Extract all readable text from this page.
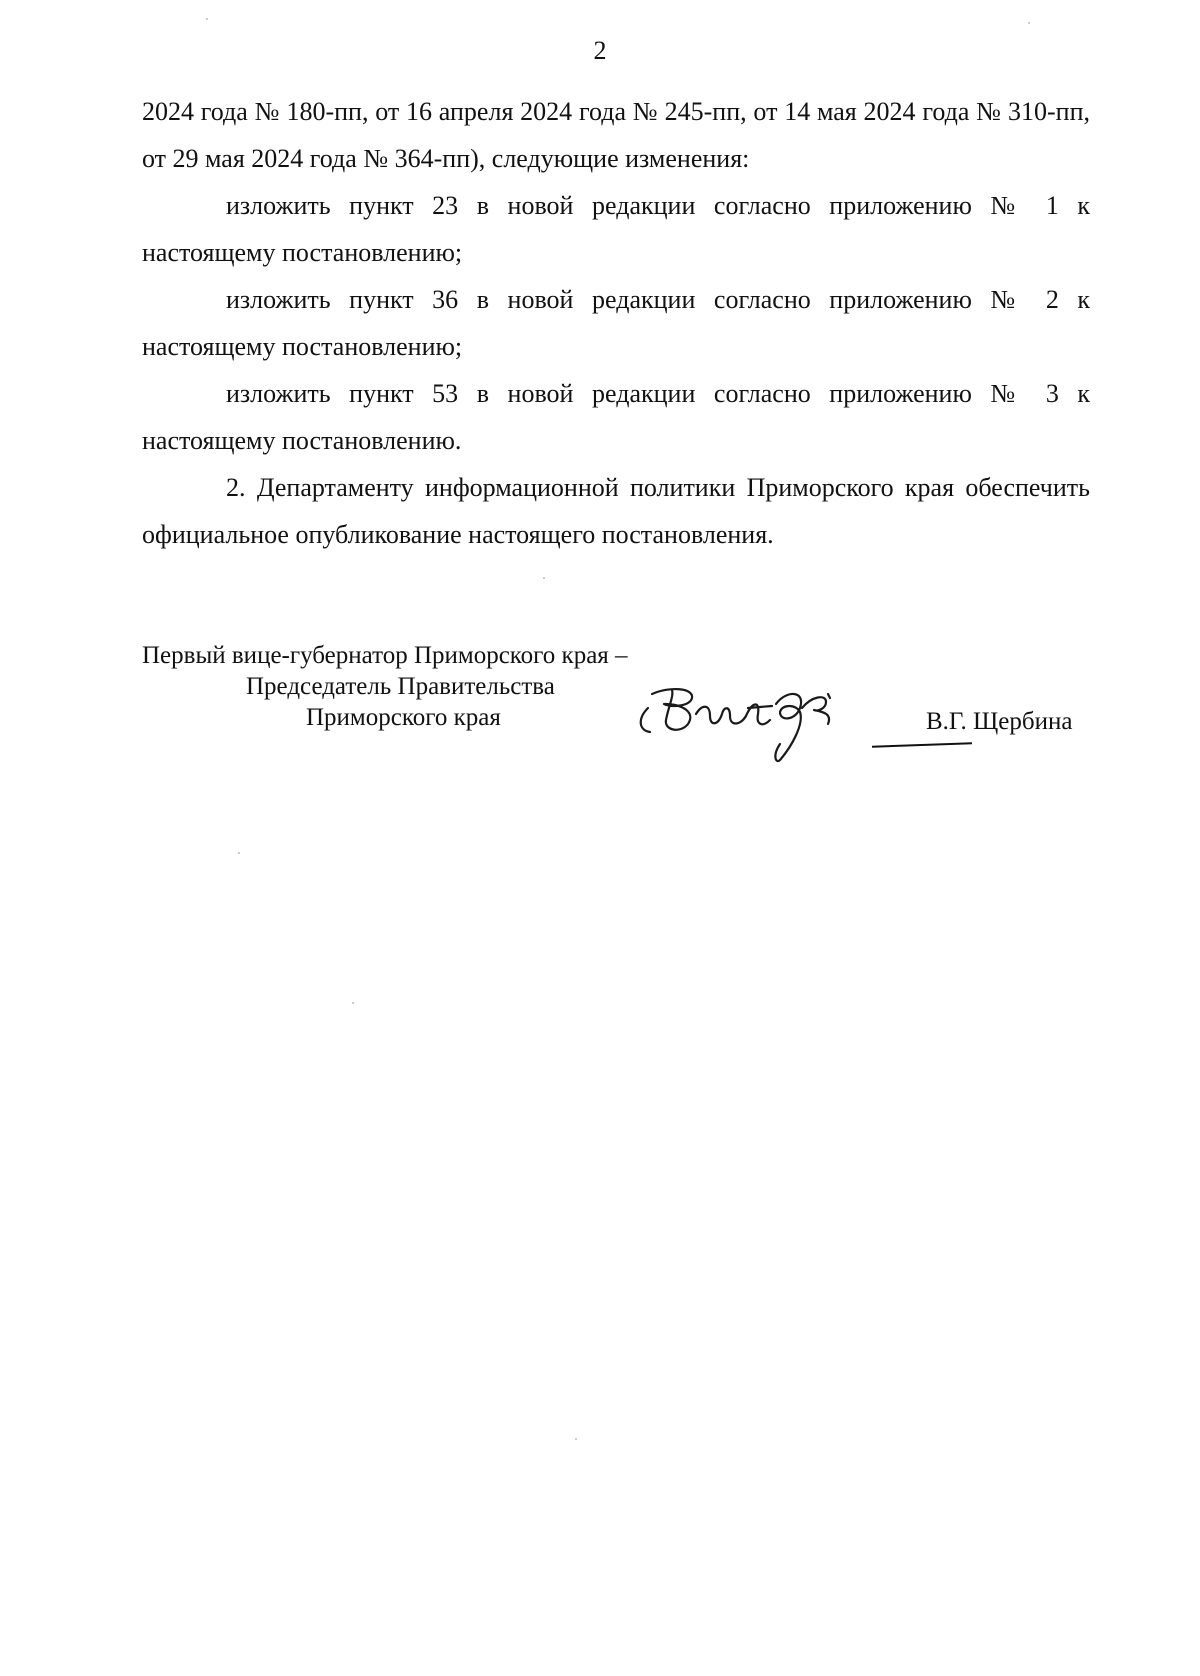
2

2024 года № 180-пп, от 16 апреля 2024 года № 245-пп, от 14 мая 2024 года № 310-пп, от 29 мая 2024 года № 364-пп), следующие изменения:

изложить пункт 23 в новой редакции согласно приложению № 1 к настоящему постановлению;

изложить пункт 36 в новой редакции согласно приложению № 2 к настоящему постановлению;

изложить пункт 53 в новой редакции согласно приложению № 3 к настоящему постановлению.

2. Департаменту информационной политики Приморского края обеспечить официальное опубликование настоящего постановления.

Первый вице-губернатор Приморского края –
Председатель Правительства
Приморского края	В.Г. Щербина
